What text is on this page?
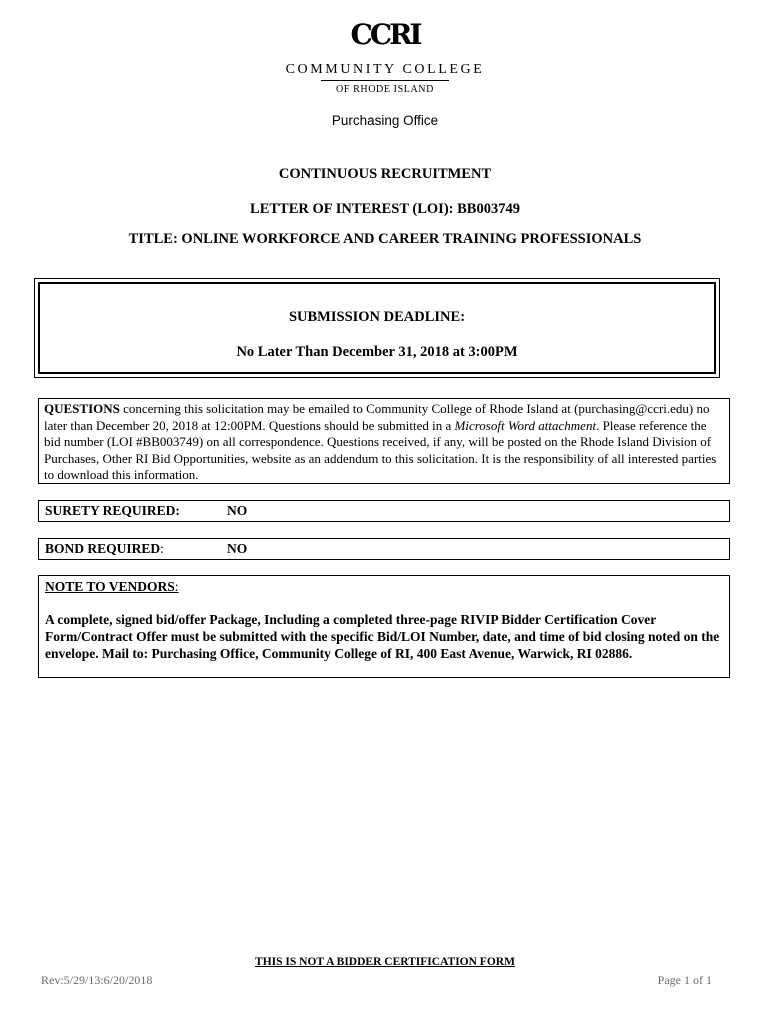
CCRI
COMMUNITY COLLEGE
OF RHODE ISLAND
Purchasing Office
CONTINUOUS RECRUITMENT
LETTER OF INTEREST (LOI): BB003749
TITLE: ONLINE WORKFORCE AND CAREER TRAINING PROFESSIONALS
SUBMISSION DEADLINE:
No Later Than December 31, 2018 at 3:00PM
QUESTIONS concerning this solicitation may be emailed to Community College of Rhode Island at (purchasing@ccri.edu) no later than December 20, 2018 at 12:00PM. Questions should be submitted in a Microsoft Word attachment. Please reference the bid number (LOI #BB003749) on all correspondence. Questions received, if any, will be posted on the Rhode Island Division of Purchases, Other RI Bid Opportunities, website as an addendum to this solicitation. It is the responsibility of all interested parties to download this information.
SURETY REQUIRED:	NO
BOND REQUIRED:	NO
NOTE TO VENDORS:
A complete, signed bid/offer Package, Including a completed three-page RIVIP Bidder Certification Cover Form/Contract Offer must be submitted with the specific Bid/LOI Number, date, and time of bid closing noted on the envelope. Mail to: Purchasing Office, Community College of RI, 400 East Avenue, Warwick, RI 02886.
THIS IS NOT A BIDDER CERTIFICATION FORM
Rev:5/29/13:6/20/2018	Page 1 of 1
